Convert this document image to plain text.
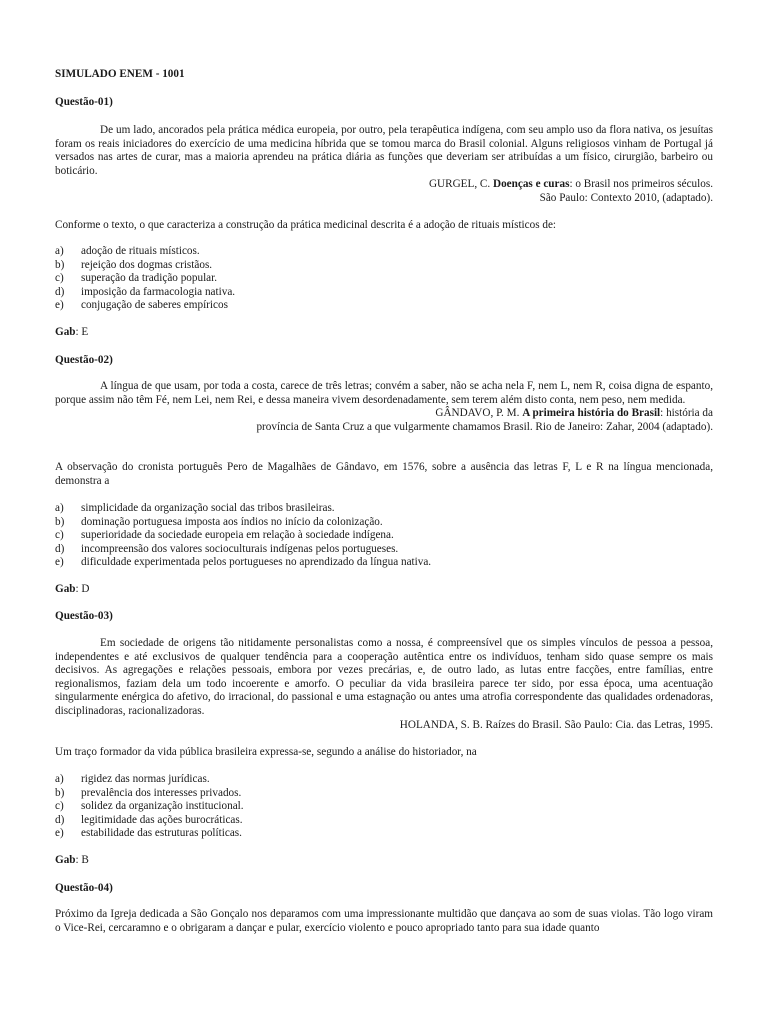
SIMULADO ENEM - 1001
Questão-01)

De um lado, ancorados pela prática médica europeia, por outro, pela terapêutica indígena, com seu amplo uso da flora nativa, os jesuítas foram os reais iniciadores do exercício de uma medicina híbrida que se tomou marca do Brasil colonial. Alguns religiosos vinham de Portugal já versados nas artes de curar, mas a maioria aprendeu na prática diária as funções que deveriam ser atribuídas a um físico, cirurgião, barbeiro ou boticário.

GURGEL, C. Doenças e curas: o Brasil nos primeiros séculos.

São Paulo: Contexto 2010, (adaptado).

Conforme o texto, o que caracteriza a construção da prática medicinal descrita é a adoção de rituais místicos de:

a)	adoção de rituais místicos.
b)	rejeição dos dogmas cristãos.
c)	superação da tradição popular.
d)	imposição da farmacologia nativa.
e)	conjugação de saberes empíricos
Gab: E
Questão-02)

A língua de que usam, por toda a costa, carece de três letras; convém a saber, não se acha nela F, nem L, nem R, coisa digna de espanto, porque assim não têm Fé, nem Lei, nem Rei, e dessa maneira vivem desordenadamente, sem terem além disto conta, nem peso, nem medida.

GÂNDAVO, P. M. A primeira história do Brasil: história da

província de Santa Cruz a que vulgarmente chamamos Brasil. Rio de Janeiro: Zahar, 2004 (adaptado).

A observação do cronista português Pero de Magalhães de Gândavo, em 1576, sobre a ausência das letras F, L e R na língua mencionada, demonstra a

a)	simplicidade da organização social das tribos brasileiras.
b)	dominação portuguesa imposta aos índios no início da colonização.
c)	superioridade da sociedade europeia em relação à sociedade indígena.
d)	incompreensão dos valores socioculturais indígenas pelos portugueses.
e)	dificuldade experimentada pelos portugueses no aprendizado da língua nativa.
Gab: D
Questão-03)

Em sociedade de origens tão nitidamente personalistas como a nossa, é compreensível que os simples vínculos de pessoa a pessoa, independentes e até exclusivos de qualquer tendência para a cooperação autêntica entre os indivíduos, tenham sido quase sempre os mais decisivos. As agregações e relações pessoais, embora por vezes precárias, e, de outro lado, as lutas entre facções, entre famílias, entre regionalismos, faziam dela um todo incoerente e amorfo. O peculiar da vida brasileira parece ter sido, por essa época, uma acentuação singularmente enérgica do afetivo, do irracional, do passional e uma estagnação ou antes uma atrofia correspondente das qualidades ordenadoras, disciplinadoras, racionalizadoras.

HOLANDA, S. B. Raízes do Brasil. São Paulo: Cia. das Letras, 1995.

Um traço formador da vida pública brasileira expressa-se, segundo a análise do historiador, na

a)	rigidez das normas jurídicas.
b)	prevalência dos interesses privados.
c)	solidez da organização institucional.
d)	legitimidade das ações burocráticas.
e)	estabilidade das estruturas políticas.
Gab: B
Questão-04)

Próximo da Igreja dedicada a São Gonçalo nos deparamos com uma impressionante multidão que dançava ao som de suas violas. Tão logo viram o Vice-Rei, cercaramno e o obrigaram a dançar e pular, exercício violento e pouco apropriado tanto para sua idade quanto
